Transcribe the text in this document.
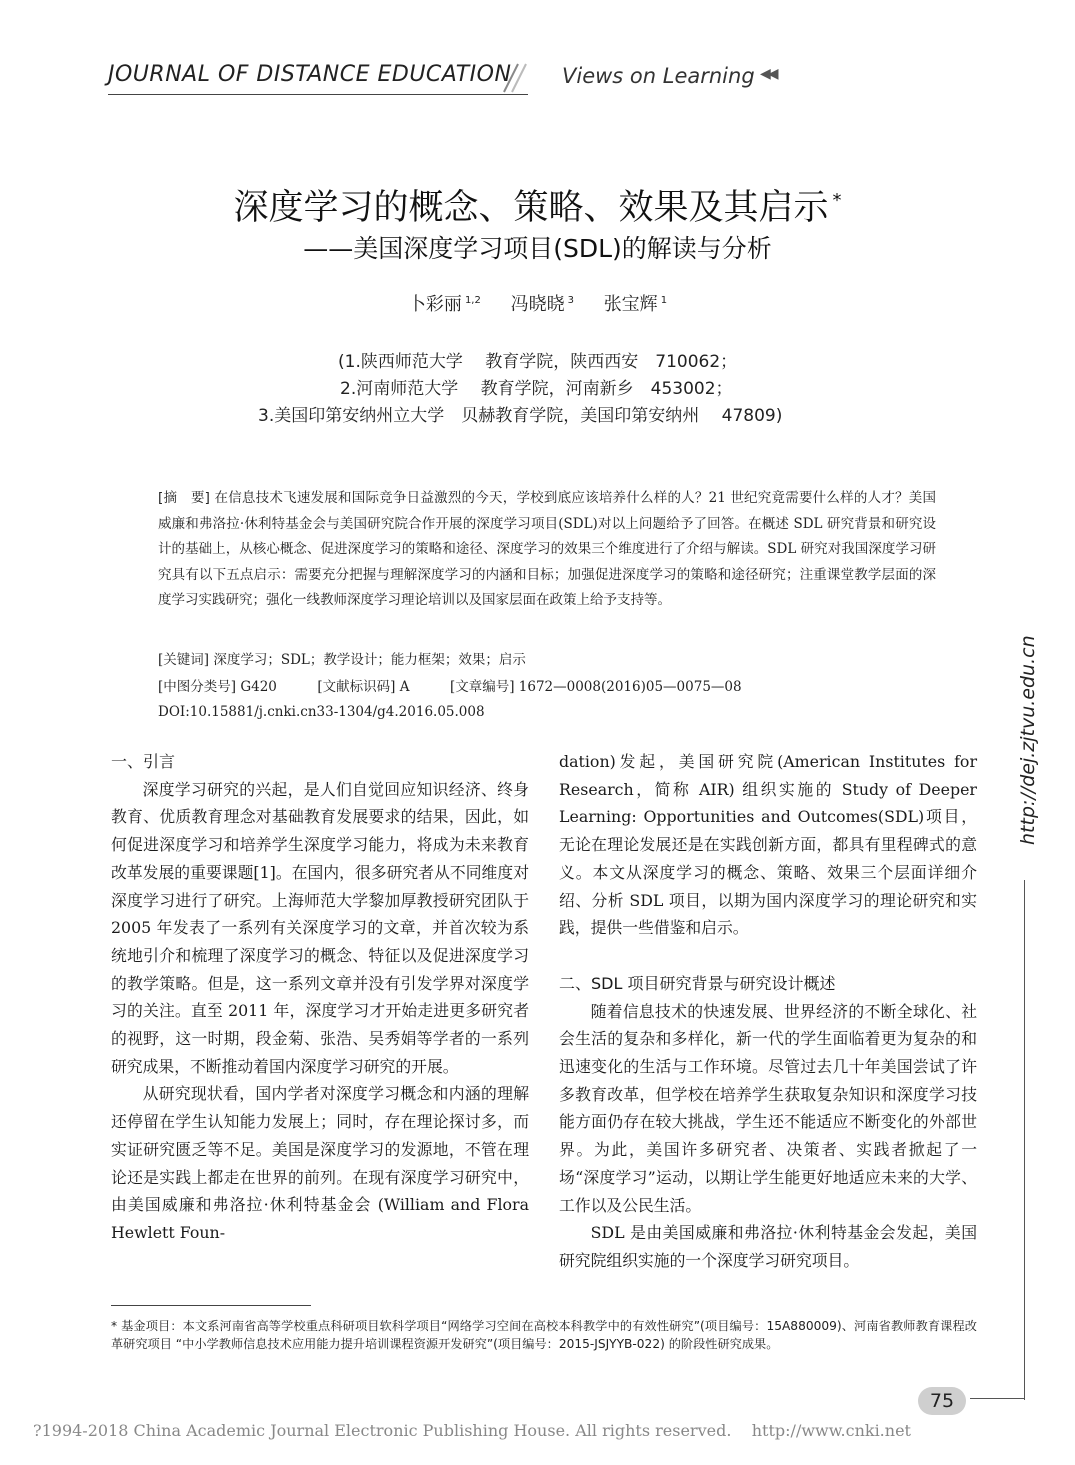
JOURNAL OF DISTANCE EDUCATION Views on Learning ◀◀
深度学习的概念、策略、效果及其启示 *
——美国深度学习项目(SDL)的解读与分析
卜彩丽 $^{1,2}$ 冯晓晓 $^3$ 张宝辉 $^1$
(1.陕西师范大学　 教育学院，陕西西安　710062；
2.河南师范大学　 教育学院，河南新乡　453002；
3.美国印第安纳州立大学　贝赫教育学院，美国印第安纳州　 47809)
[摘　要] 在信息技术飞速发展和国际竞争日益激烈的今天，学校到底应该培养什么样的人？21 世纪究竟需要什么样的人才？美国威廉和弗洛拉·休利特基金会与美国研究院合作开展的深度学习项目(SDL)对以上问题给予了回答。在概述 SDL 研究背景和研究设计的基础上，从核心概念、促进深度学习的策略和途径、深度学习的效果三个维度进行了介绍与解读。SDL 研究对我国深度学习研究具有以下五点启示：需要充分把握与理解深度学习的内涵和目标；加强促进深度学习的策略和途径研究；注重课堂教学层面的深度学习实践研究；强化一线教师深度学习理论培训以及国家层面在政策上给予支持等。
[关键词] 深度学习；SDL；教学设计；能力框架；效果；启示
[中图分类号] G420　　　[文献标识码] A　　　[文章编号] 1672—0008(2016)05—0075—08
DOI:10.15881/j.cnki.cn33-1304/g4.2016.05.008
一、引言

深度学习研究的兴起，是人们自觉回应知识经济、终身教育、优质教育理念对基础教育发展要求的结果，因此，如何促进深度学习和培养学生深度学习能力，将成为未来教育改革发展的重要课题[1]。在国内，很多研究者从不同维度对深度学习进行了研究。上海师范大学黎加厚教授研究团队于 2005 年发表了一系列有关深度学习的文章，并首次较为系统地引介和梳理了深度学习的概念、特征以及促进深度学习的教学策略。但是，这一系列文章并没有引发学界对深度学习的关注。直至 2011 年，深度学习才开始走进更多研究者的视野，这一时期，段金菊、张浩、吴秀娟等学者的一系列研究成果，不断推动着国内深度学习研究的开展。

从研究现状看，国内学者对深度学习概念和内涵的理解还停留在学生认知能力发展上；同时，存在理论探讨多，而实证研究匮乏等不足。美国是深度学习的发源地，不管在理论还是实践上都走在世界的前列。在现有深度学习研究中，由美国威廉和弗洛拉·休利特基金会 (William and Flora Hewlett Foun-

dation)发起，美国研究院(American Institutes for Research，简称 AIR) 组织实施的 Study of Deeper Learning: Opportunities and Outcomes(SDL)项目，无论在理论发展还是在实践创新方面，都具有里程碑式的意义。本文从深度学习的概念、策略、效果三个层面详细介绍、分析 SDL 项目，以期为国内深度学习的理论研究和实践，提供一些借鉴和启示。

二、SDL 项目研究背景与研究设计概述

随着信息技术的快速发展、世界经济的不断全球化、社会生活的复杂和多样化，新一代的学生面临着更为复杂的和迅速变化的生活与工作环境。尽管过去几十年美国尝试了许多教育改革，但学校在培养学生获取复杂知识和深度学习技能方面仍存在较大挑战，学生还不能适应不断变化的外部世界。为此，美国许多研究者、决策者、实践者掀起了一场“深度学习”运动，以期让学生能更好地适应未来的大学、工作以及公民生活。

SDL 是由美国威廉和弗洛拉·休利特基金会发起，美国研究院组织实施的一个深度学习研究项目。

http://dej.zjtvu.edu.cn
* 基金项目：本文系河南省高等学校重点科研项目软科学项目“网络学习空间在高校本科教学中的有效性研究”(项目编号：15A880009)、河南省教师教育课程改革研究项目 “中小学教师信息技术应用能力提升培训课程资源开发研究”(项目编号：2015-JSJYYB-022) 的阶段性研究成果。
75
?1994-2018 China Academic Journal Electronic Publishing House. All rights reserved.    http://www.cnki.net
